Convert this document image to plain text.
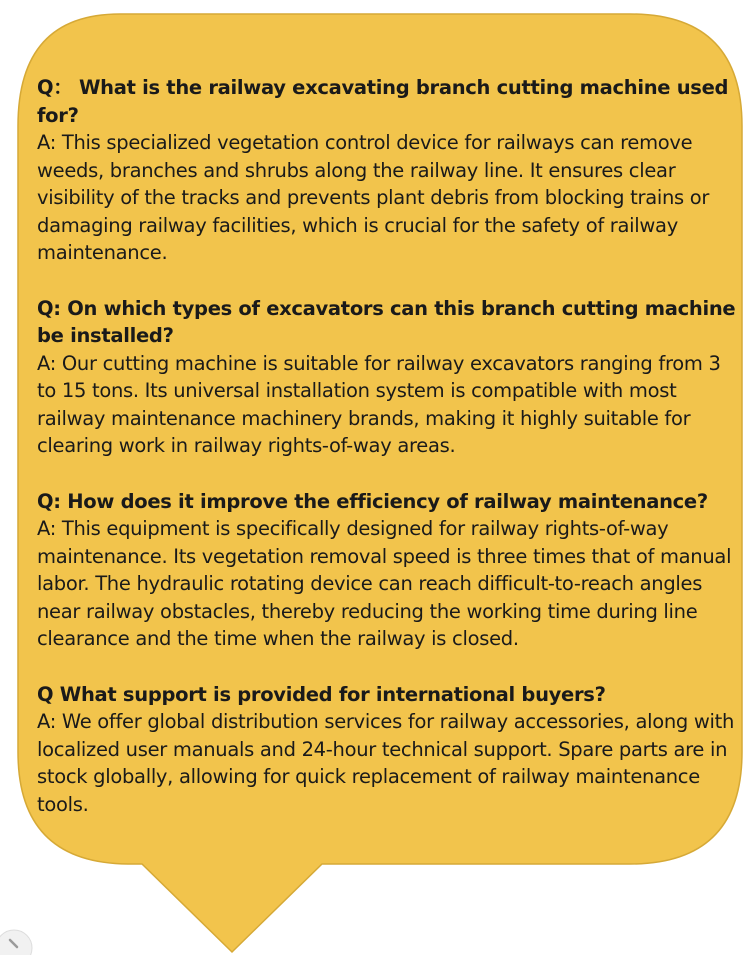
Q： What is the railway excavating branch cutting machine used for?
A: This specialized vegetation control device for railways can remove weeds, branches and shrubs along the railway line. It ensures clear visibility of the tracks and prevents plant debris from blocking trains or damaging railway facilities, which is crucial for the safety of railway maintenance.
Q: On which types of excavators can this branch cutting machine be installed?
A: Our cutting machine is suitable for railway excavators ranging from 3 to 15 tons. Its universal installation system is compatible with most railway maintenance machinery brands, making it highly suitable for clearing work in railway rights-of-way areas.
Q: How does it improve the efficiency of railway maintenance?
A: This equipment is specifically designed for railway rights-of-way maintenance. Its vegetation removal speed is three times that of manual labor. The hydraulic rotating device can reach difficult-to-reach angles near railway obstacles, thereby reducing the working time during line clearance and the time when the railway is closed.
Q What support is provided for international buyers?
A: We offer global distribution services for railway accessories, along with localized user manuals and 24-hour technical support. Spare parts are in stock globally, allowing for quick replacement of railway maintenance tools.
